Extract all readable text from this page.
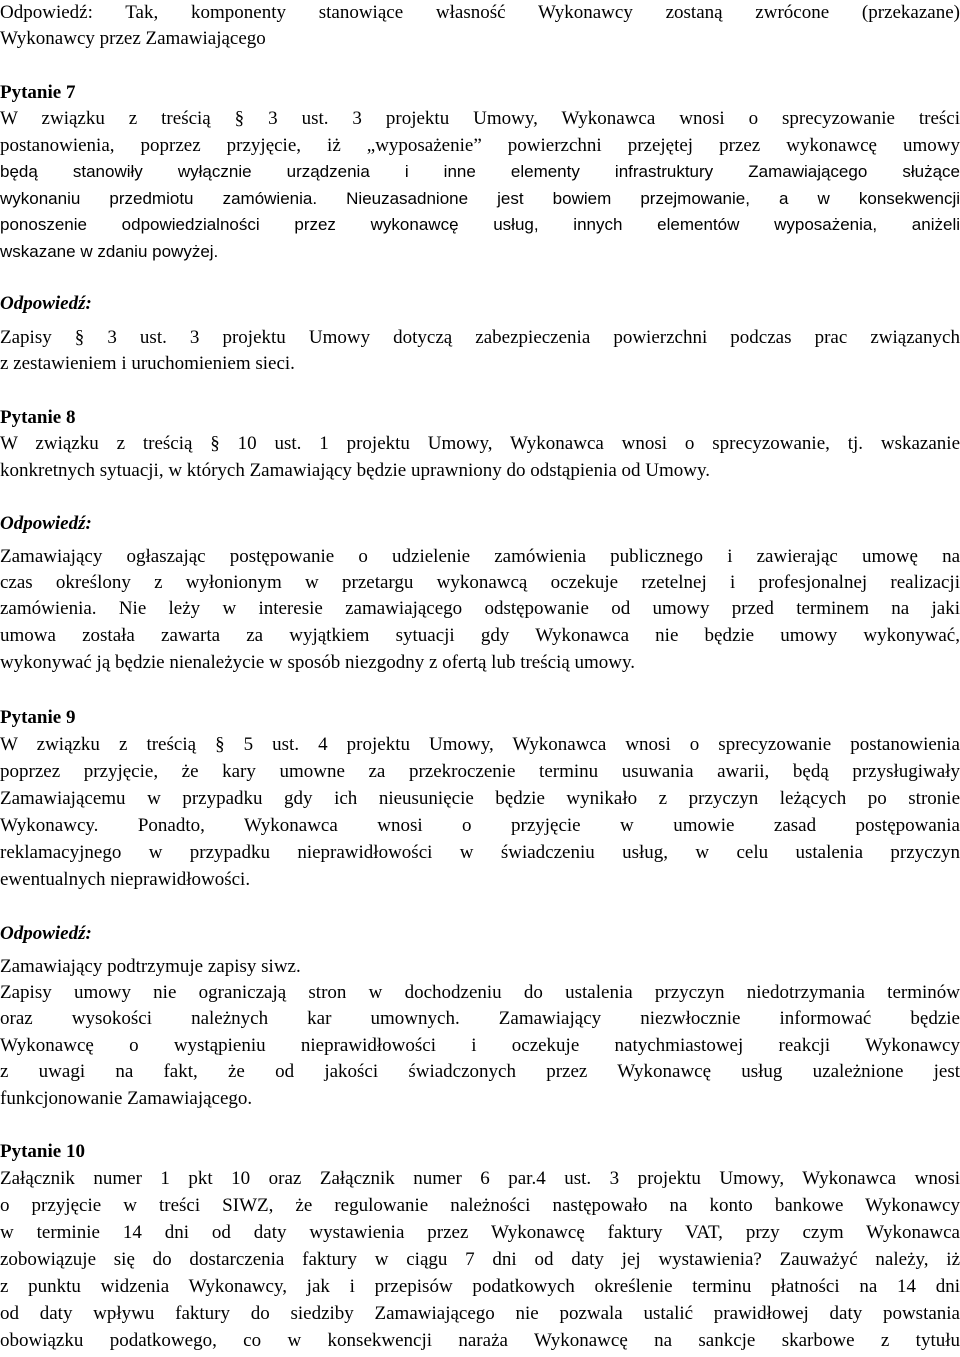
Odpowiedź: Tak, komponenty stanowiące własność Wykonawcy zostaną zwrócone (przekazane)
Wykonawcy przez Zamawiającego
Pytanie 7
W związku z treścią § 3 ust. 3 projektu Umowy, Wykonawca wnosi o sprecyzowanie treści
postanowienia, poprzez przyjęcie, iż „wyposażenie” powierzchni przejętej przez wykonawcę umowy
będą stanowiły wyłącznie urządzenia i inne elementy infrastruktury Zamawiającego służące
wykonaniu przedmiotu zamówienia. Nieuzasadnione jest bowiem przejmowanie, a w konsekwencji
ponoszenie odpowiedzialności przez wykonawcę usług, innych elementów wyposażenia, aniżeli
wskazane w zdaniu powyżej.
Odpowiedź:
Zapisy § 3 ust. 3 projektu Umowy dotyczą zabezpieczenia powierzchni podczas prac związanych
z zestawieniem i uruchomieniem sieci.
Pytanie 8
W związku z treścią § 10 ust. 1 projektu Umowy, Wykonawca wnosi o sprecyzowanie, tj. wskazanie
konkretnych sytuacji, w których Zamawiający będzie uprawniony do odstąpienia od Umowy.
Odpowiedź:
Zamawiający ogłaszając postępowanie o udzielenie zamówienia publicznego i zawierając umowę na
czas określony z wyłonionym w przetargu wykonawcą oczekuje rzetelnej i profesjonalnej realizacji
zamówienia. Nie leży w interesie zamawiającego odstępowanie od umowy przed terminem na jaki
umowa została zawarta za wyjątkiem sytuacji gdy Wykonawca nie będzie umowy wykonywać,
wykonywać ją będzie nienależycie w sposób niezgodny z ofertą lub treścią umowy.
Pytanie 9
W związku z treścią § 5 ust. 4 projektu Umowy, Wykonawca wnosi o sprecyzowanie postanowienia
poprzez przyjęcie, że kary umowne za przekroczenie terminu usuwania awarii, będą przysługiwały
Zamawiającemu w przypadku gdy ich nieusunięcie będzie wynikało z przyczyn leżących po stronie
Wykonawcy. Ponadto, Wykonawca wnosi o przyjęcie w umowie zasad postępowania
reklamacyjnego w przypadku nieprawidłowości w świadczeniu usług, w celu ustalenia przyczyn
ewentualnych nieprawidłowości.
Odpowiedź:
Zamawiający podtrzymuje zapisy siwz.
Zapisy umowy nie ograniczają stron w dochodzeniu do ustalenia przyczyn niedotrzymania terminów
oraz wysokości należnych kar umownych. Zamawiający niezwłocznie informować będzie
Wykonawcę o wystąpieniu nieprawidłowości i oczekuje natychmiastowej reakcji Wykonawcy
z uwagi na fakt, że od jakości świadczonych przez Wykonawcę usług uzależnione jest
funkcjonowanie Zamawiającego.
Pytanie 10
Załącznik numer 1 pkt 10 oraz Załącznik numer 6 par.4 ust. 3 projektu Umowy, Wykonawca wnosi
o przyjęcie w treści SIWZ, że regulowanie należności następowało na konto bankowe Wykonawcy
w terminie 14 dni od daty wystawienia przez Wykonawcę faktury VAT, przy czym Wykonawca
zobowiązuje się do dostarczenia faktury w ciągu 7 dni od daty jej wystawienia? Zauważyć należy, iż
z punktu widzenia Wykonawcy, jak i przepisów podatkowych określenie terminu płatności na 14 dni
od daty wpływu faktury do siedziby Zamawiającego nie pozwala ustalić prawidłowej daty powstania
obowiązku podatkowego, co w konsekwencji naraża Wykonawcę na sankcje skarbowe z tytułu
